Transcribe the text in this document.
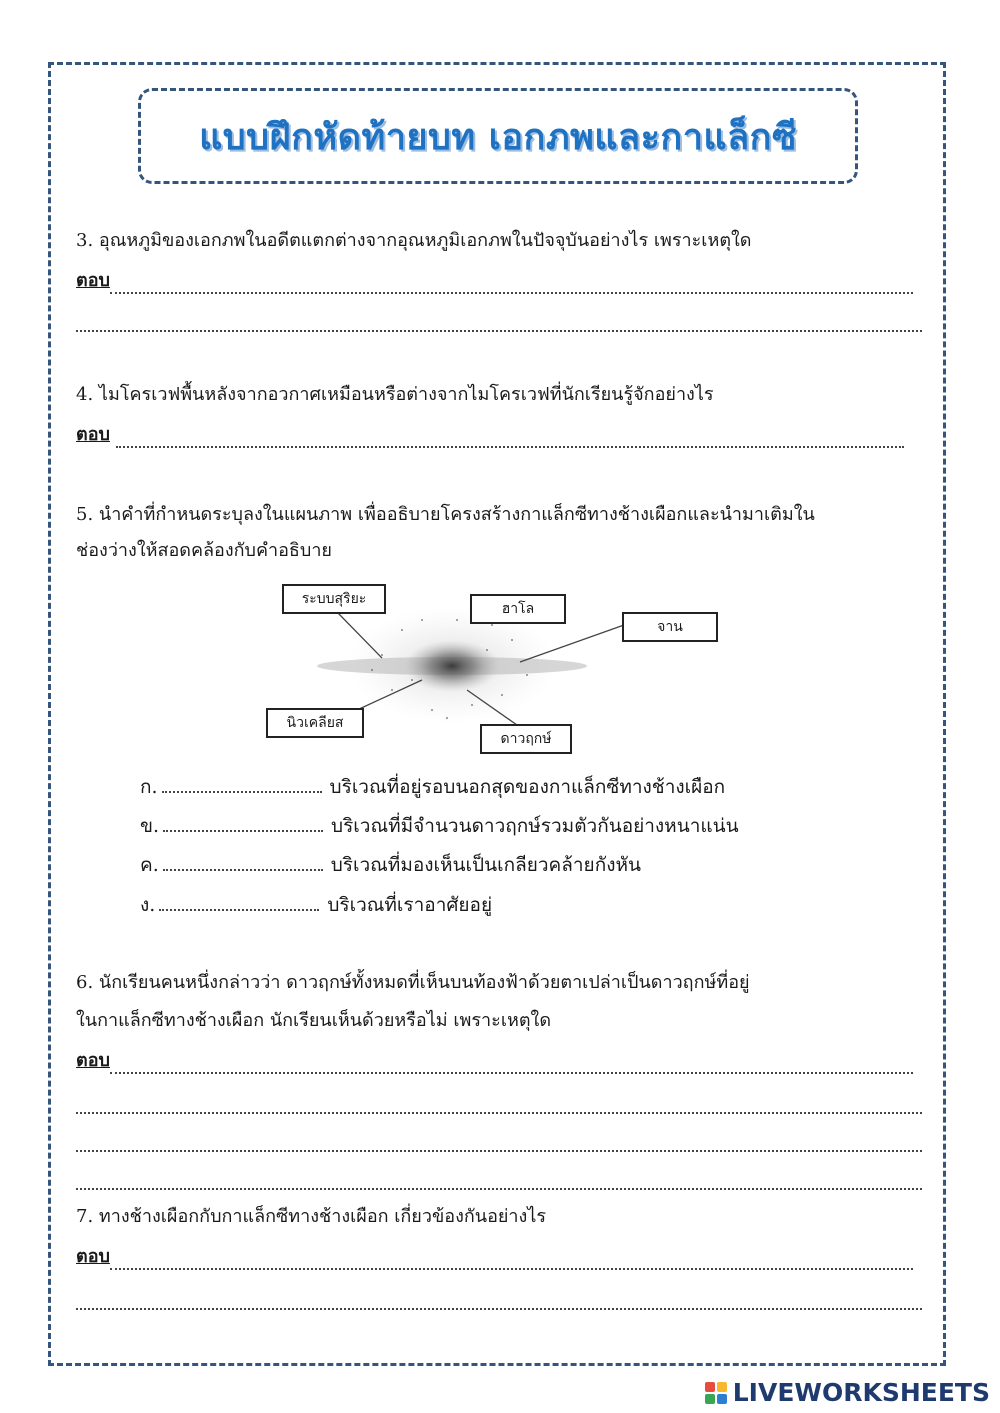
แบบฝึกหัดท้ายบท เอกภพและกาแล็กซี
3. อุณหภูมิของเอกภพในอดีตแตกต่างจากอุณหภูมิเอกภพในปัจจุบันอย่างไร เพราะเหตุใด
ตอบ
4. ไมโครเวฟพื้นหลังจากอวกาศเหมือนหรือต่างจากไมโครเวฟที่นักเรียนรู้จักอย่างไร
ตอบ
5. นำคำที่กำหนดระบุลงในแผนภาพ เพื่ออธิบายโครงสร้างกาแล็กซีทางช้างเผือกและนำมาเติมใน
ช่องว่างให้สอดคล้องกับคำอธิบาย
ระบบสุริยะ
ฮาโล
จาน
นิวเคลียส
ดาวฤกษ์
ก.	บริเวณที่อยู่รอบนอกสุดของกาแล็กซีทางช้างเผือก
ข.	บริเวณที่มีจำนวนดาวฤกษ์รวมตัวกันอย่างหนาแน่น
ค.	บริเวณที่มองเห็นเป็นเกลียวคล้ายกังหัน
ง.	บริเวณที่เราอาศัยอยู่
6. นักเรียนคนหนึ่งกล่าวว่า ดาวฤกษ์ทั้งหมดที่เห็นบนท้องฟ้าด้วยตาเปล่าเป็นดาวฤกษ์ที่อยู่
ในกาแล็กซีทางช้างเผือก นักเรียนเห็นด้วยหรือไม่ เพราะเหตุใด
ตอบ
7. ทางช้างเผือกกับกาแล็กซีทางช้างเผือก เกี่ยวข้องกันอย่างไร
ตอบ
LIVEWORKSHEETS
